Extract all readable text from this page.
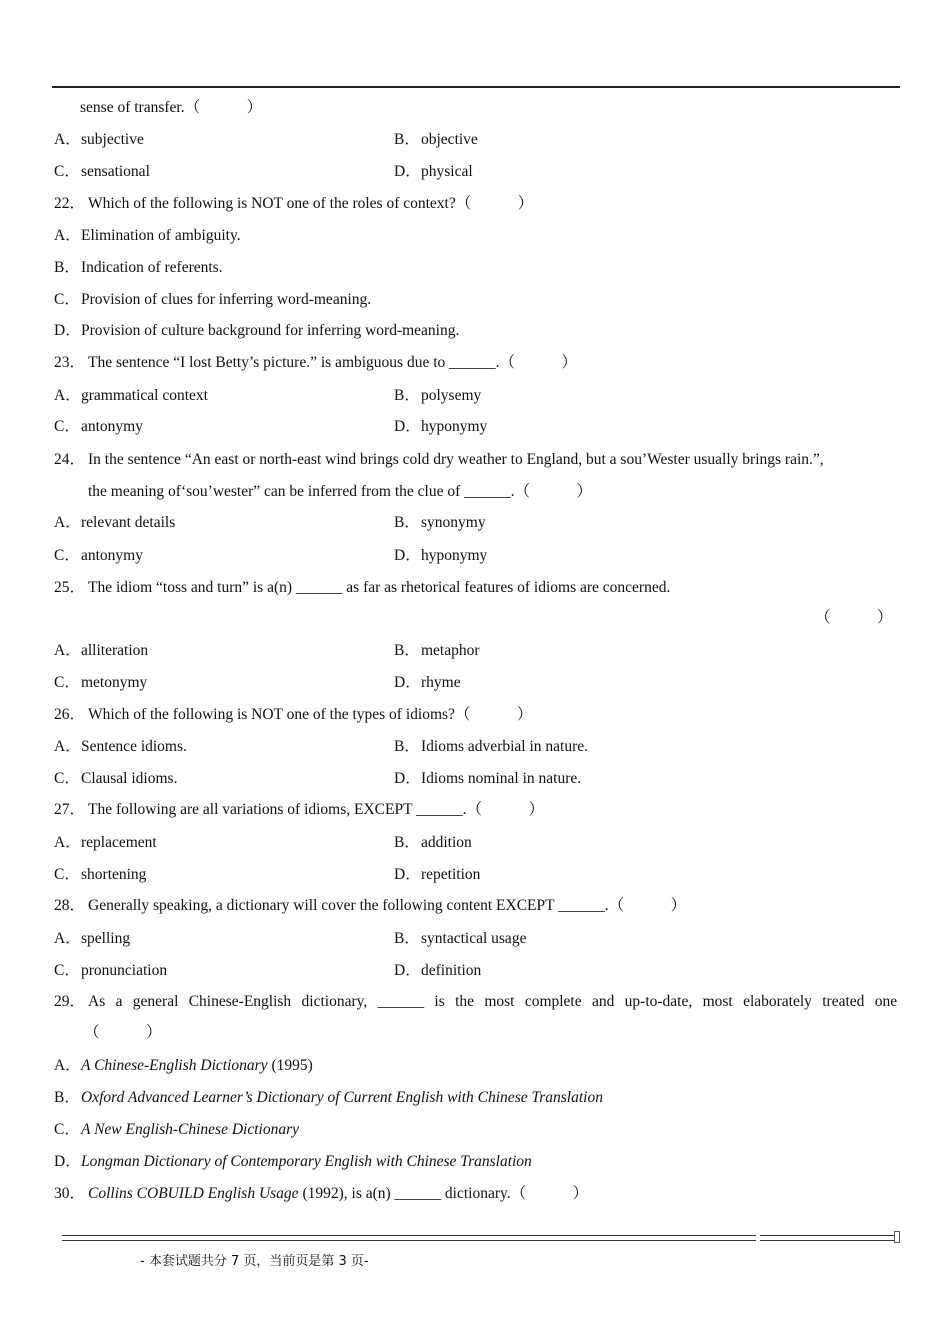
sense of transfer.（　　　）
A．subjective	B．objective
C．sensational	D．physical
22． Which of the following is NOT one of the roles of context?（　　　）
A．Elimination of ambiguity.
B．Indication of referents.
C．Provision of clues for inferring word-meaning.
D．Provision of culture background for inferring word-meaning.
23． The sentence “I lost Betty’s picture.” is ambiguous due to ______.（　　　）
A．grammatical context	B．polysemy
C．antonymy	D．hyponymy
24． In the sentence “An east or north-east wind brings cold dry weather to England, but a sou’Wester usually brings rain.”,
the meaning of‘sou’wester” can be inferred from the clue of ______.（　　　）
A．relevant details	B．synonymy
C．antonymy	D．hyponymy
25． The idiom “toss and turn” is a(n) ______ as far as rhetorical features of idioms are concerned.
（　　　）
A．alliteration	B．metaphor
C．metonymy	D．rhyme
26． Which of the following is NOT one of the types of idioms?（　　　）
A．Sentence idioms.	B．Idioms adverbial in nature.
C．Clausal idioms.	D．Idioms nominal in nature.
27． The following are all variations of idioms, EXCEPT ______.（　　　）
A．replacement	B．addition
C．shortening	D．repetition
28． Generally speaking, a dictionary will cover the following content EXCEPT ______.（　　　）
A．spelling	B．syntactical usage
C．pronunciation	D．definition
29． As a general Chinese-English dictionary, ______ is the most complete and up-to-date, most elaborately treated one
（　　　）
A．A Chinese-English Dictionary (1995)
B．Oxford Advanced Learner’s Dictionary of Current English with Chinese Translation
C．A New English-Chinese Dictionary
D．Longman Dictionary of Contemporary English with Chinese Translation
30． Collins COBUILD English Usage (1992), is a(n) ______ dictionary.（　　　）
- 本套试题共分 7 页，当前页是第 3 页-
